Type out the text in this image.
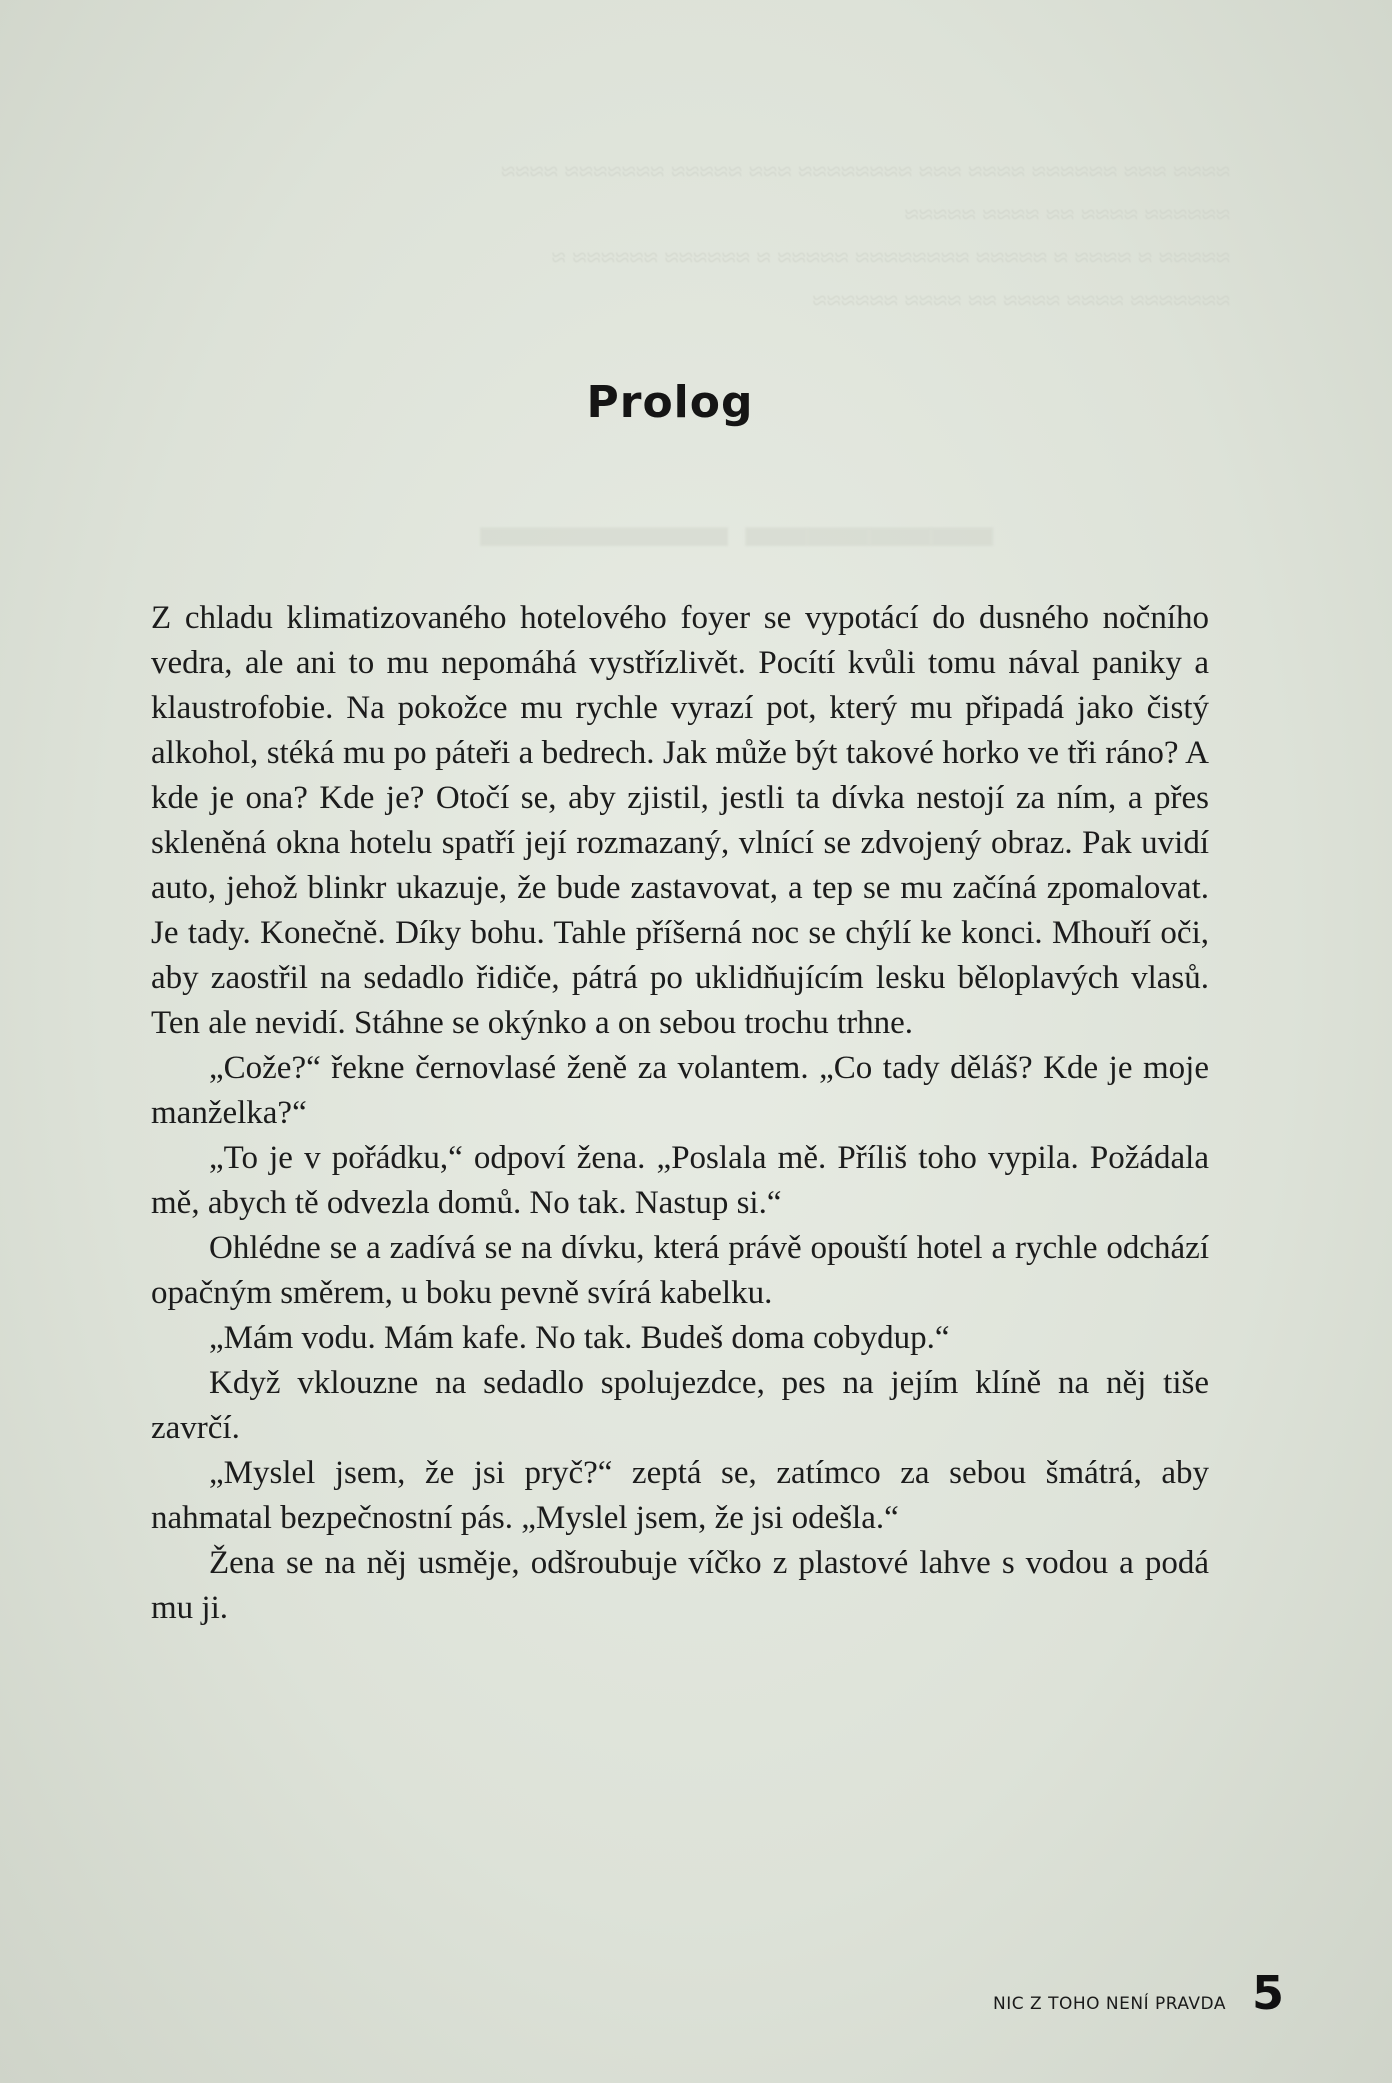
≈≈≈≈ ≈≈≈ ≈≈≈≈≈≈ ≈≈≈≈ ≈≈≈ ≈≈≈≈≈≈≈≈ ≈≈≈ ≈≈≈≈≈ ≈≈≈≈≈≈≈ ≈≈≈≈
≈≈≈≈≈≈ ≈≈≈≈ ≈≈ ≈≈≈≈ ≈≈≈≈≈
≈≈≈≈≈ ≈ ≈≈≈≈ ≈ ≈≈≈≈≈ ≈≈≈≈≈≈≈≈ ≈≈≈≈≈ ≈ ≈≈≈≈≈≈ ≈≈≈≈≈≈ ≈
≈≈≈≈≈≈≈ ≈≈≈≈ ≈≈≈≈ ≈≈ ≈≈≈≈ ≈≈≈≈≈≈
▬▬▬▬ ▬▬▬▬
Prolog

Z chladu klimatizovaného hotelového foyer se vypotácí do dusného nočního vedra, ale ani to mu nepomáhá vystřízlivět. Pocítí kvůli tomu nával paniky a klaustrofobie. Na pokožce mu rychle vyrazí pot, který mu připadá jako čistý alkohol, stéká mu po páteři a bedrech. Jak může být takové horko ve tři ráno? A kde je ona? Kde je? Otočí se, aby zjistil, jestli ta dívka nestojí za ním, a přes skleněná okna hotelu spatří její rozmazaný, vlnící se zdvojený obraz. Pak uvidí auto, jehož blinkr ukazuje, že bude zastavovat, a tep se mu začíná zpomalovat. Je tady. Konečně. Díky bohu. Tahle příšerná noc se chýlí ke konci. Mhouří oči, aby zaostřil na sedadlo řidiče, pátrá po uklidňujícím lesku běloplavých vlasů. Ten ale nevidí. Stáhne se okýnko a on sebou trochu trhne.

„Cože?“ řekne černovlasé ženě za volantem. „Co tady děláš? Kde je moje manželka?“

„To je v pořádku,“ odpoví žena. „Poslala mě. Příliš toho vypila. Požádala mě, abych tě odvezla domů. No tak. Nastup si.“

Ohlédne se a zadívá se na dívku, která právě opouští hotel a rychle odchází opačným směrem, u boku pevně svírá kabelku.

„Mám vodu. Mám kafe. No tak. Budeš doma cobydup.“

Když vklouzne na sedadlo spolujezdce, pes na jejím klíně na něj tiše zavrčí.

„Myslel jsem, že jsi pryč?“ zeptá se, zatímco za sebou šmátrá, aby nahmatal bezpečnostní pás. „Myslel jsem, že jsi odešla.“

Žena se na něj usměje, odšroubuje víčko z plastové lahve s vodou a podá mu ji.

NIC Z TOHO NENÍ PRAVDA 5
